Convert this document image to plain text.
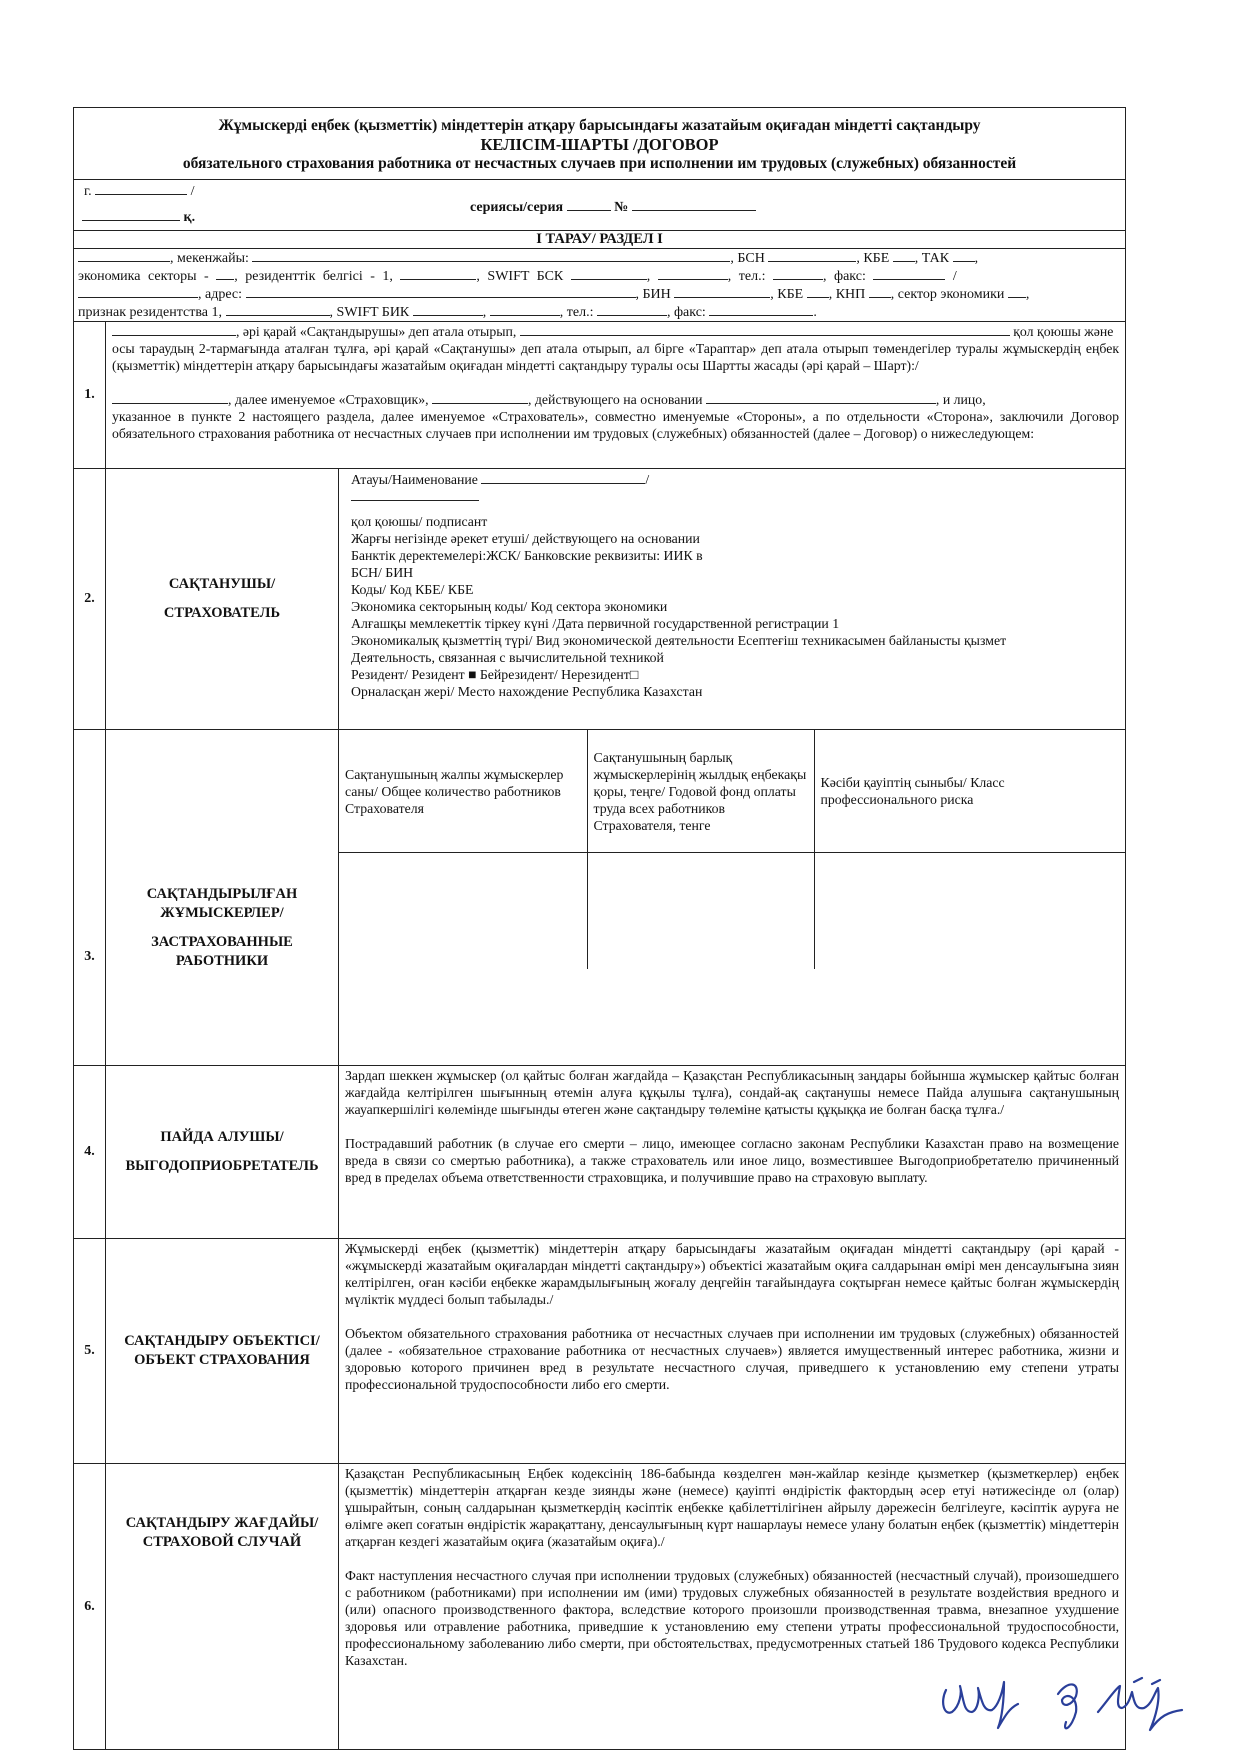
Жұмыскерді еңбек (қызметтік) міндеттерін атқару барысындағы жазатайым оқиғадан міндетті сақтандыру
КЕЛІСІМ-ШАРТЫ /ДОГОВОР
обязательного страхования работника от несчастных случаев при исполнении им трудовых (служебных) обязанностей

г.	/
қ.
сериясы/серия	№

I ТАРАУ/ РАЗДЕЛ I

, мекенжайы:	, БСН	, КБЕ , ТАК ,
экономика секторы - , резиденттік белгісі - 1,	, SWIFT БСК	,	, тел.:	, факс:	/
, адрес:	, БИН	, КБЕ , КНП , сектор экономики ,
признак резидентства 1,	, SWIFT БИК	,	, тел.:	, факс:	.

1.	
, әрі қарай «Сақтандырушы» деп атала отырып,	қол қоюшы және
осы тараудың 2-тармағында аталған тұлға, әрі қарай «Сақтанушы» деп атала отырып, ал бірге «Тараптар» деп атала отырып төмендегілер туралы жұмыскердің еңбек (қызметтік) міндеттерін атқару барысындағы жазатайым оқиғадан міндетті сақтандыру туралы осы Шартты жасады (әрі қарай – Шарт):/
, далее именуемое «Страховщик»,	, действующего на основании	, и лицо,
указанное в пункте 2 настоящего раздела, далее именуемое «Страхователь», совместно именуемые «Стороны», а по отдельности «Сторона», заключили Договор обязательного страхования работника от несчастных случаев при исполнении им трудовых (служебных) обязанностей (далее – Договор) о нижеследующем:

2.	
САҚТАНУШЫ/
СТРАХОВАТЕЛЬ

Атауы/Наименование	/

қол қоюшы/ подписант

Жарғы негізінде әрекет етуші/ действующего на основании

Банктік деректемелері:ЖСК/ Банковские реквизиты: ИИК в

БСН/ БИН

Коды/ Код КБЕ/ КБЕ

Экономика секторының коды/ Код сектора экономики

Алғашқы мемлекеттік тіркеу күні /Дата первичной государственной регистрации 1

Экономикалық қызметтің түрі/ Вид экономической деятельности Есептеғіш техникасымен байланысты қызмет

Деятельность, связанная с вычислительной техникой

Резидент/ Резидент ■ Бейрезидент/ Нерезидент□

Орналасқан жері/ Место нахождение Республика Казахстан

3.	
САҚТАНДЫРЫЛҒАН ЖҰМЫСКЕРЛЕР/
ЗАСТРАХОВАННЫЕ РАБОТНИКИ

Сақтанушының жалпы жұмыскерлер саны/ Общее количество работников Страхователя	Сақтанушының барлық жұмыскерлерінің жылдық еңбекақы қоры, теңге/ Годовой фонд оплаты труда всех работников Страхователя, тенге	Кәсіби қауіптің сыныбы/ Класс профессионального риска

4.	
ПАЙДА АЛУШЫ/
ВЫГОДОПРИОБРЕТАТЕЛЬ

Зардап шеккен жұмыскер (ол қайтыс болған жағдайда – Қазақстан Республикасының заңдары бойынша жұмыскер қайтыс болған жағдайда келтірілген шығынның өтемін алуға құқылы тұлға), сондай-ақ сақтанушы немесе Пайда алушыға сақтанушының жауапкершілігі көлемінде шығынды өтеген және сақтандыру төлеміне қатысты құқыққа ие болған басқа тұлға./

Пострадавший работник (в случае его смерти – лицо, имеющее согласно законам Республики Казахстан право на возмещение вреда в связи со смертью работника), а также страхователь или иное лицо, возместившее Выгодоприобретателю причиненный вред в пределах объема ответственности страховщика, и получившие право на страховую выплату.

5.	
САҚТАНДЫРУ ОБЪЕКТІСІ/
ОБЪЕКТ СТРАХОВАНИЯ

Жұмыскерді еңбек (қызметтік) міндеттерін атқару барысындағы жазатайым оқиғадан міндетті сақтандыру (әрі қарай - «жұмыскерді жазатайым оқиғалардан міндетті сақтандыру») объектісі жазатайым оқиға салдарынан өмірі мен денсаулығына зиян келтірілген, оған кәсіби еңбекке жарамдылығының жоғалу деңгейін тағайындауға соқтырған немесе қайтыс болған жұмыскердің мүліктік мүддесі болып табылады./

Объектом обязательного страхования работника от несчастных случаев при исполнении им трудовых (служебных) обязанностей (далее - «обязательное страхование работника от несчастных случаев») является имущественный интерес работника, жизни и здоровью которого причинен вред в результате несчастного случая, приведшего к установлению ему степени утраты профессиональной трудоспособности либо его смерти.

6.	
САҚТАНДЫРУ ЖАҒДАЙЫ/
СТРАХОВОЙ СЛУЧАЙ

Қазақстан Республикасының Еңбек кодексінің 186-бабында көзделген мән-жайлар кезінде қызметкер (қызметкерлер) еңбек (қызметтік) міндеттерін атқарған кезде зиянды және (немесе) қауіпті өндірістік фактордың әсер етуі нәтижесінде ол (олар) ұшырайтын, соның салдарынан қызметкердің кәсіптік еңбекке қабілеттілігінен айрылу дәрежесін белгілеуге, кәсіптік ауруға не өлімге әкеп соғатын өндірістік жарақаттану, денсаулығының күрт нашарлауы немесе улану болатын еңбек (қызметтік) міндеттерін атқарған кездегі жазатайым оқиға (жазатайым оқиға)./

Факт наступления несчастного случая при исполнении трудовых (служебных) обязанностей (несчастный случай), произошедшего с работником (работниками) при исполнении им (ими) трудовых служебных обязанностей в результате воздействия вредного и (или) опасного производственного фактора, вследствие которого произошли производственная травма, внезапное ухудшение здоровья или отравление работника, приведшие к установлению ему степени утраты профессиональной трудоспособности, профессиональному заболеванию либо смерти, при обстоятельствах, предусмотренных статьей 186 Трудового кодекса Республики Казахстан.
